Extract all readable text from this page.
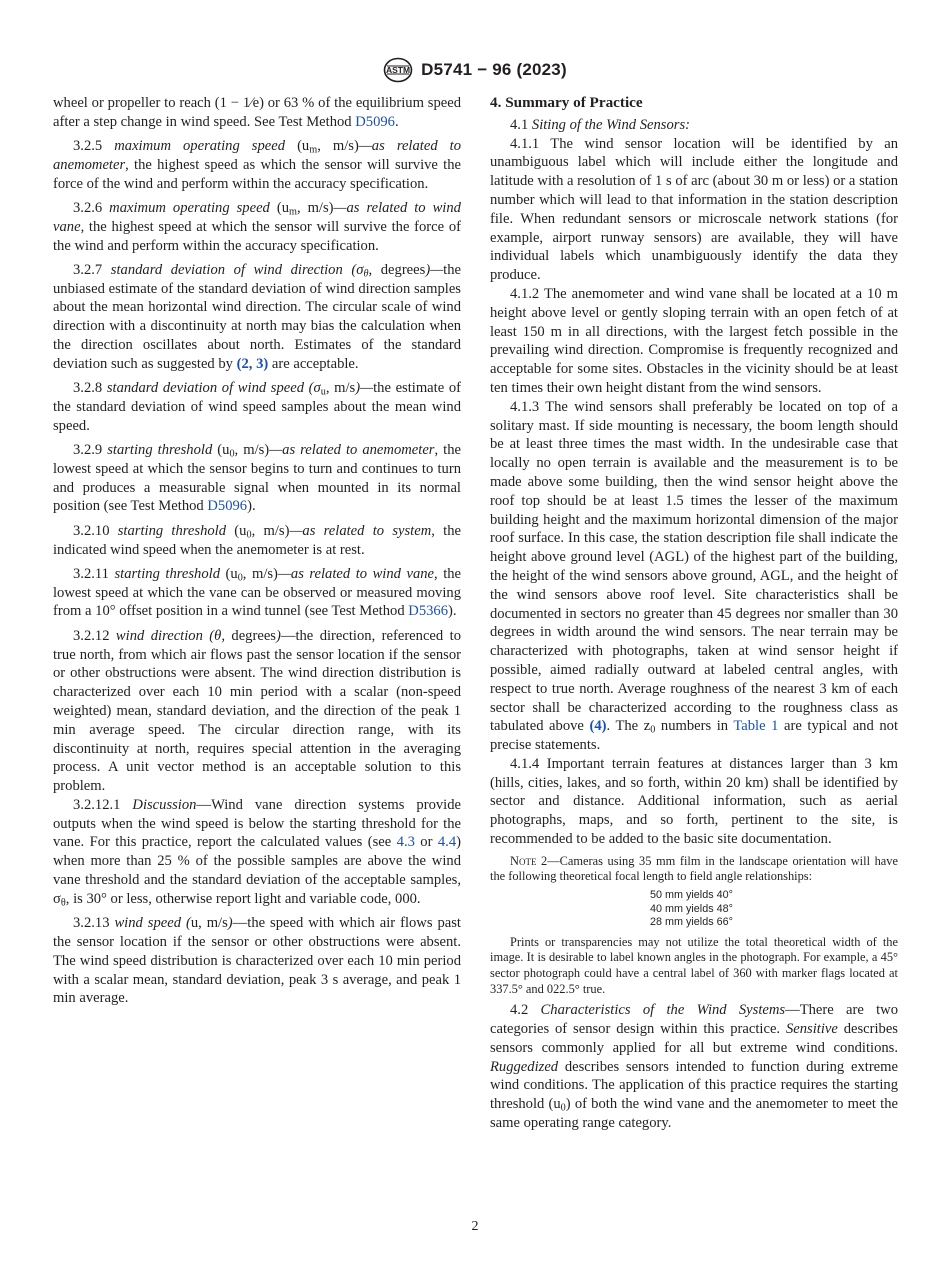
ASTM D5741 − 96 (2023)

wheel or propeller to reach (1 − 1⁄e) or 63 % of the equilibrium speed after a step change in wind speed. See Test Method D5096.

3.2.5 maximum operating speed ($u_m$, m/s)—as related to anemometer, the highest speed as which the sensor will survive the force of the wind and perform within the accuracy specification.

3.2.6 maximum operating speed ($u_m$, m/s)—as related to wind vane, the highest speed at which the sensor will survive the force of the wind and perform within the accuracy specification.

3.2.7 standard deviation of wind direction ($\sigma_\theta$, degrees)—the unbiased estimate of the standard deviation of wind direction samples about the mean horizontal wind direction. The circular scale of wind direction with a discontinuity at north may bias the calculation when the direction oscillates about north. Estimates of the standard deviation such as suggested by (2, 3) are acceptable.

3.2.8 standard deviation of wind speed ($\sigma_u$, m/s)—the estimate of the standard deviation of wind speed samples about the mean wind speed.

3.2.9 starting threshold ($u_0$, m/s)—as related to anemometer, the lowest speed at which the sensor begins to turn and continues to turn and produces a measurable signal when mounted in its normal position (see Test Method D5096).

3.2.10 starting threshold ($u_0$, m/s)—as related to system, the indicated wind speed when the anemometer is at rest.

3.2.11 starting threshold ($u_0$, m/s)—as related to wind vane, the lowest speed at which the vane can be observed or measured moving from a 10° offset position in a wind tunnel (see Test Method D5366).

3.2.12 wind direction (θ, degrees)—the direction, referenced to true north, from which air flows past the sensor location if the sensor or other obstructions were absent. The wind direction distribution is characterized over each 10 min period with a scalar (non-speed weighted) mean, standard deviation, and the direction of the peak 1 min average speed. The circular direction range, with its discontinuity at north, requires special attention in the averaging process. A unit vector method is an acceptable solution to this problem.

3.2.12.1 Discussion—Wind vane direction systems provide outputs when the wind speed is below the starting threshold for the vane. For this practice, report the calculated values (see 4.3 or 4.4) when more than 25 % of the possible samples are above the wind vane threshold and the standard deviation of the acceptable samples, $\sigma_\theta$, is 30° or less, otherwise report light and variable code, 000.

3.2.13 wind speed (u, m/s)—the speed with which air flows past the sensor location if the sensor or other obstructions were absent. The wind speed distribution is characterized over each 10 min period with a scalar mean, standard deviation, peak 3 s average, and peak 1 min average.

4. Summary of Practice

4.1 Siting of the Wind Sensors:

4.1.1 The wind sensor location will be identified by an unambiguous label which will include either the longitude and latitude with a resolution of 1 s of arc (about 30 m or less) or a station number which will lead to that information in the station description file. When redundant sensors or microscale network stations (for example, airport runway sensors) are available, they will have individual labels which unambiguously identify the data they produce.

4.1.2 The anemometer and wind vane shall be located at a 10 m height above level or gently sloping terrain with an open fetch of at least 150 m in all directions, with the largest fetch possible in the prevailing wind direction. Compromise is frequently recognized and acceptable for some sites. Obstacles in the vicinity should be at least ten times their own height distant from the wind sensors.

4.1.3 The wind sensors shall preferably be located on top of a solitary mast. If side mounting is necessary, the boom length should be at least three times the mast width. In the undesirable case that locally no open terrain is available and the measurement is to be made above some building, then the wind sensor height above the roof top should be at least 1.5 times the lesser of the maximum building height and the maximum horizontal dimension of the major roof surface. In this case, the station description file shall indicate the height above ground level (AGL) of the highest part of the building, the height of the wind sensors above ground, AGL, and the height of the wind sensors above roof level. Site characteristics shall be documented in sectors no greater than 45 degrees nor smaller than 30 degrees in width around the wind sensors. The near terrain may be characterized with photographs, taken at wind sensor height if possible, aimed radially outward at labeled central angles, with respect to true north. Average roughness of the nearest 3 km of each sector shall be characterized according to the roughness class as tabulated above (4). The $z_0$ numbers in Table 1 are typical and not precise statements.

4.1.4 Important terrain features at distances larger than 3 km (hills, cities, lakes, and so forth, within 20 km) shall be identified by sector and distance. Additional information, such as aerial photographs, maps, and so forth, pertinent to the site, is recommended to be added to the basic site documentation.

Note 2—Cameras using 35 mm film in the landscape orientation will have the following theoretical focal length to field angle relationships:

50 mm yields 40°
40 mm yields 48°
28 mm yields 66°

Prints or transparencies may not utilize the total theoretical width of the image. It is desirable to label known angles in the photograph. For example, a 45° sector photograph could have a central label of 360 with marker flags located at 337.5° and 022.5° true.

4.2 Characteristics of the Wind Systems—There are two categories of sensor design within this practice. Sensitive describes sensors commonly applied for all but extreme wind conditions. Ruggedized describes sensors intended to function during extreme wind conditions. The application of this practice requires the starting threshold $(u_0)$ of both the wind vane and the anemometer to meet the same operating range category.

2
